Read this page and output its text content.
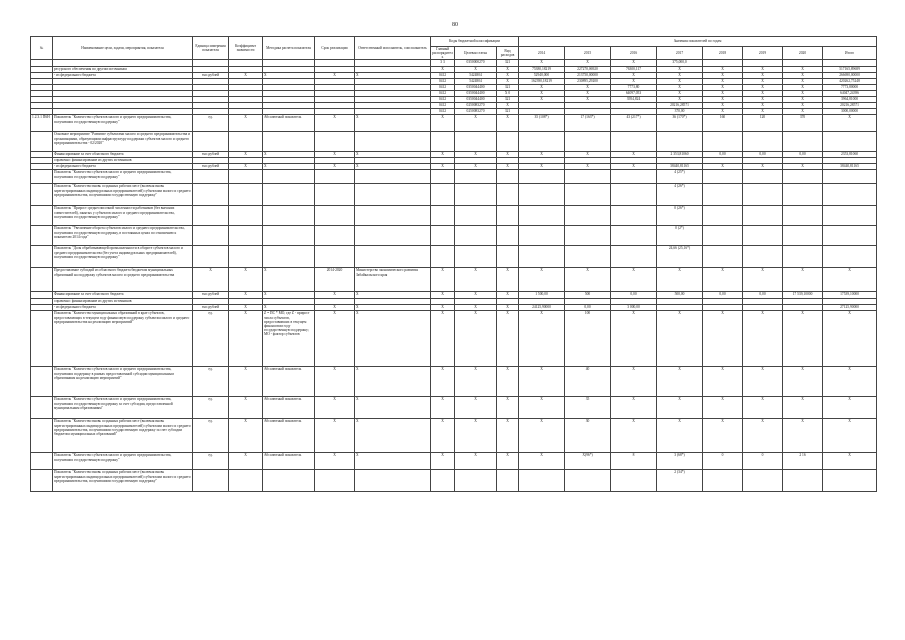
80
№	Наименование цели, задачи, мероприятия, показателя	Единица измерения показателя	Коэффициент значимости	Методика расчета показателя	Срок реализации	Ответственный исполнитель, соисполнитель	Коды бюджетной классификации			Значения показателей по годам							
							Главный распорядитель	Целевая статья	Вид расходов	2014	2015	2016	2017	2018	2019	2020	Итого
							3 3	0350000270	321	X	X	X	375,000,0				
	ресурсного обеспечения по другим источникам						X	X	X	75380,18219	227270,06920	76300,117	X	X	X	X	517165,89689
	- из федерального бюджета	тыс.рублей	X	X	X	X	0412	5424804	X	52940,000	213750,00000	X	X	X	X	X	266690,00000
							0412	5424804	X	162390,18219	230895,29200	X	X	X	X	X	420262,75248
							0412	0350044400	321	X	X	7773,80	X	X	X	X	7773,80000
							0412	0350044400	X 0	X	X	64097,053	X	X	X	X	64047,24396
							0412	0350044400	321	X	X	3954,824	X	X	X	X	3964,81000
							0412	0250083270	X				20216,28571	X	X	X	20216,28571
							0412	0250083270	321				370,00	X	X	X	3000,00000
1.2.3.1 П6Н	Показатель "Количество субъектов малого и среднего предпринимательства, получивших государственную поддержку"	ед.	X	Абсолютный показатель	X	X	X	X	X	35 (108*)	17 (163*)	43 (217*)	36 (170*)	160	120	370	X
	Основное мероприятие "Развитие субъектами малого и среднего предпринимательства и организациями, образующими инфраструктуру поддержки субъектов малого и среднего предпринимательства - 02/2020"																
	Финансирование за счет областного бюджета	тыс.рублей	X	X	X	X	X	X	X	X	X	X	2 353,81060	0,00	0,00	0,00	2353,81060
	справочно: финансирование из других источников:																
	- из федерального бюджета	тыс.рублей	X	X	X	X	X	X	X	X	X	X	38440,81165	X	X	X	38440,81165
	Показатель "Количество субъектов малого и среднего предпринимательства, получивших государственную поддержку"												4 (25*)				
	Показатель "Количество вновь созданных рабочих мест (включая вновь зарегистрированных индивидуальных предпринимателей) субъектами малого и среднего предпринимательства, получившими государственную поддержку"												4 (26*)				
	Показатель "Прирост среднесписочной численности работников (без внешних совместителей), занятых у субъектов малого и среднего предпринимательства, получивших государственную поддержку"												0 (26*)				
	Показатель "Увеличение оборота субъектов малого и среднего предпринимательства, получивших государственную поддержку, в постоянных ценах по отношению к показателю 2014 года"												0 (2*)				
	Показатель "Доля обрабатывающей промышленности в обороте субъектов малого и среднего предпринимательства (без учета индивидуальных предпринимателей), получивших государственную поддержку"												24,66 (25,16*)				
	Предоставление субсидий из областного бюджета бюджетам муниципальных образований на поддержку субъектов малого и среднего предпринимательства	X	X	X	2014-2020	Министерство экономического развития Забайкальского края	X	X	X	X	X	X	X	X	X	X	X
	Финансирование за счет областного бюджета	тыс.рублей	X	X	X	X	X	X	X	1 500,00	500	0,00	500,00	0,00	0,00	17 539,10000	17539,10000
	справочно: финансирование из других источников:																
	- из федерального бюджета	тыс.рублей	X	X	X	X	X	X	X	24125,90000	0,00	3 000,00					27125,90000
	Показатель "Количество муниципальных образований в крае субъектов, предоставляющих в текущем году финансовую поддержку субъектам малого и среднего предпринимательства на реализацию мероприятий"	ед.	X	Z = ПС * МО, где Z - прирост числа субъектов, предоставивших в текущем финансовом году государственную поддержку; МО - фактор субъектов	X	X	X	X	X	X	100	X	X	X	X	X	X
	Показатель "Количество субъектов малого и среднего предпринимательства, получивших поддержку в рамках предоставленной субсидии муниципальным образованиям на реализацию мероприятий"	ед.	X	Абсолютный показатель	X	X	X	X	X	X	40	X	X	X	X	X	X
	Показатель "Количество субъектов малого и среднего предпринимательства, получивших государственную поддержку за счет субсидии, предоставленной муниципальным образованиям"	ед.	X	Абсолютный показатель	X	X	X	X	X	X	35	X	X	X	X	X	X
	Показатель "Количество вновь созданных рабочих мест (включая вновь зарегистрированных индивидуальных предпринимателей) субъектами малого и среднего предпринимательства, получившими государственную поддержку за счет субсидии бюджетам муниципальных образований"	ед.	X	Абсолютный показатель	X	X	X	X	X	X	30	X	X	X	X	X	X
	Показатель "Количество субъектов малого и среднего предпринимательства, получивших государственную поддержку"	ед.	X	Абсолютный показатель	X	X	X	X	X	X	X(96*)	8	3 (68*)	0	0	2 16	X
	Показатель "Количество вновь созданных рабочих мест (включая вновь зарегистрированных индивидуальных предпринимателей) субъектами малого и среднего предпринимательства, получившими государственную поддержку"												2 (34*)				
